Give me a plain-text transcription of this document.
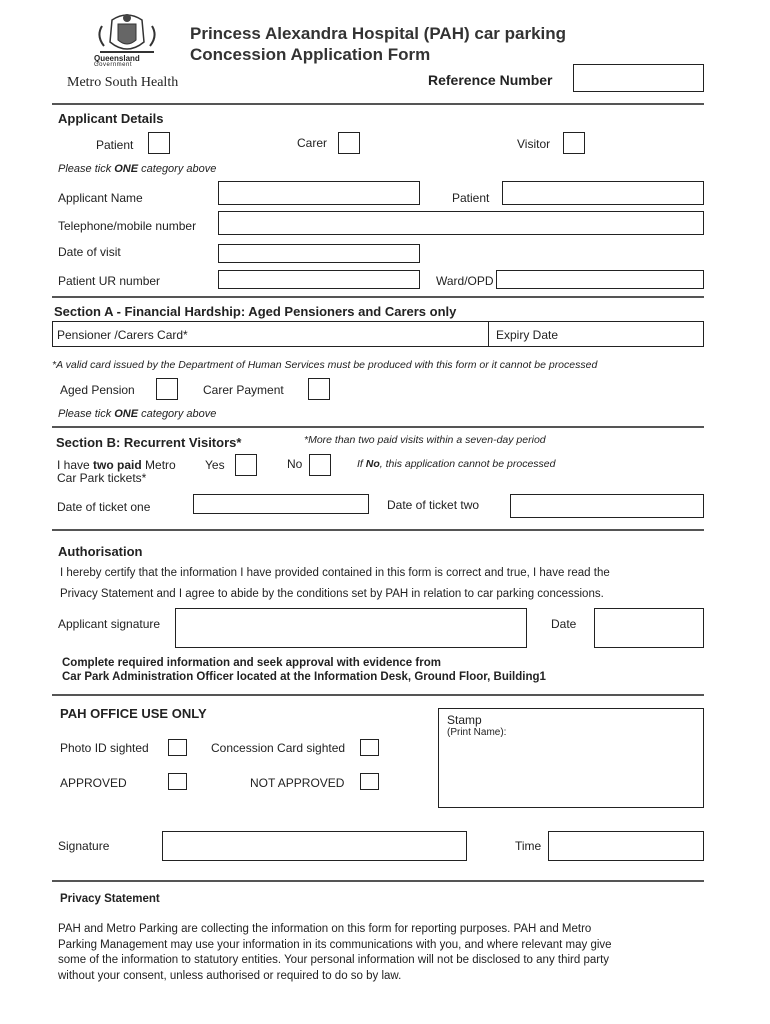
Queensland
Government
Metro South Health
Princess Alexandra Hospital (PAH) car parking
Concession Application Form
Reference Number
Applicant Details
Patient	Carer	Visitor
Please tick ONE category above
Applicant Name	Patient
Telephone/mobile number
Date of visit
Patient UR number	Ward/OPD
Section A - Financial Hardship: Aged Pensioners and Carers only
Pensioner /Carers Card*	Expiry Date
*A valid card issued by the Department of Human Services must be produced with this form or it cannot be processed
Aged Pension	Carer Payment
Please tick ONE category above
Section B: Recurrent Visitors*	*More than two paid visits within a seven-day period
I have two paid Metro
Car Park tickets*
Yes	No	If No, this application cannot be processed
Date of ticket one	Date of ticket two
Authorisation
I hereby certify that the information I have provided contained in this form is correct and true, I have read the
Privacy Statement and I agree to abide by the conditions set by PAH in relation to car parking concessions.
Applicant signature	Date
Complete required information and seek approval with evidence from
Car Park Administration Officer located at the Information Desk, Ground Floor, Building1
PAH OFFICE USE ONLY	Stamp
(Print Name):
Photo ID sighted	Concession Card sighted
APPROVED	NOT APPROVED
Signature	Time
Privacy Statement
PAH and Metro Parking are collecting the information on this form for reporting purposes. PAH and Metro
Parking Management may use your information in its communications with you, and where relevant may give
some of the information to statutory entities. Your personal information will not be disclosed to any third party
without your consent, unless authorised or required to do so by law.
